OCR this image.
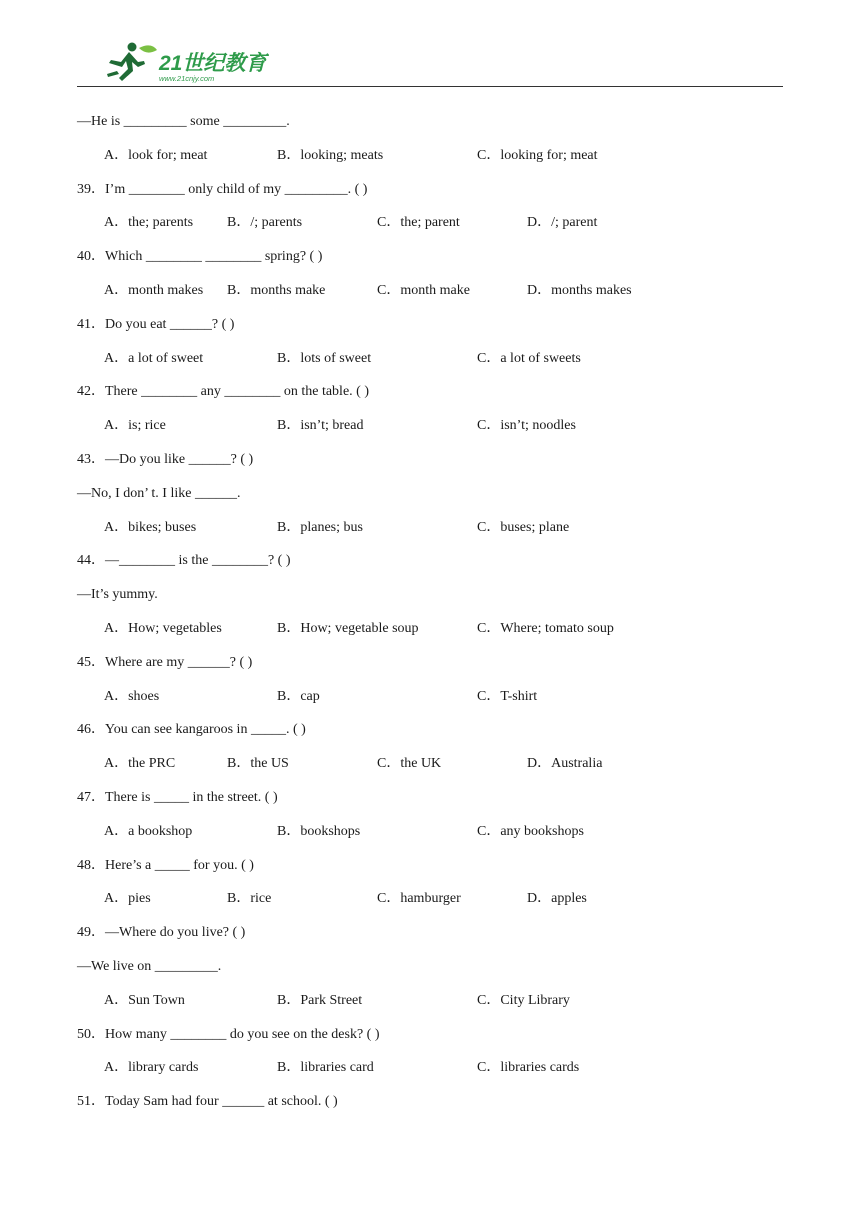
21世纪教育
www.21cnjy.com
—He is _________ some _________.
A．look for; meat	B．looking; meats	C．looking for; meat
39．I’m ________ only child of my _________. ( )
A．the; parents B．/; parents	C．the; parent	D．/; parent
40．Which ________ ________ spring? ( )
A．month makes B．months make	C．month make	D．months makes
41．Do you eat ______? ( )
A．a lot of sweet	B．lots of sweet	C．a lot of sweets
42．There ________ any ________ on the table. ( )
A．is; rice	B．isn’t; bread	C．isn’t; noodles
43．—Do you like ______? ( )
—No, I don’ t. I like ______.
A．bikes; buses	B．planes; bus	C．buses; plane
44．—________ is the ________? ( )
—It’s yummy.
A．How; vegetables	B．How; vegetable soup	C．Where; tomato soup
45．Where are my ______? ( )
A．shoes	B．cap	C．T-shirt
46．You can see kangaroos in _____. ( )
A．the PRC	B．the US	C．the UK	D．Australia
47．There is _____ in the street. ( )
A．a bookshop	B．bookshops	C．any bookshops
48．Here’s a _____ for you. ( )
A．pies	B．rice	C．hamburger	D．apples
49．—Where do you live? ( )
—We live on _________.
A．Sun Town	B．Park Street	C．City Library
50．How many ________ do you see on the desk? ( )
A．library cards	B．libraries card	C．libraries cards
51．Today Sam had four ______ at school. ( )
